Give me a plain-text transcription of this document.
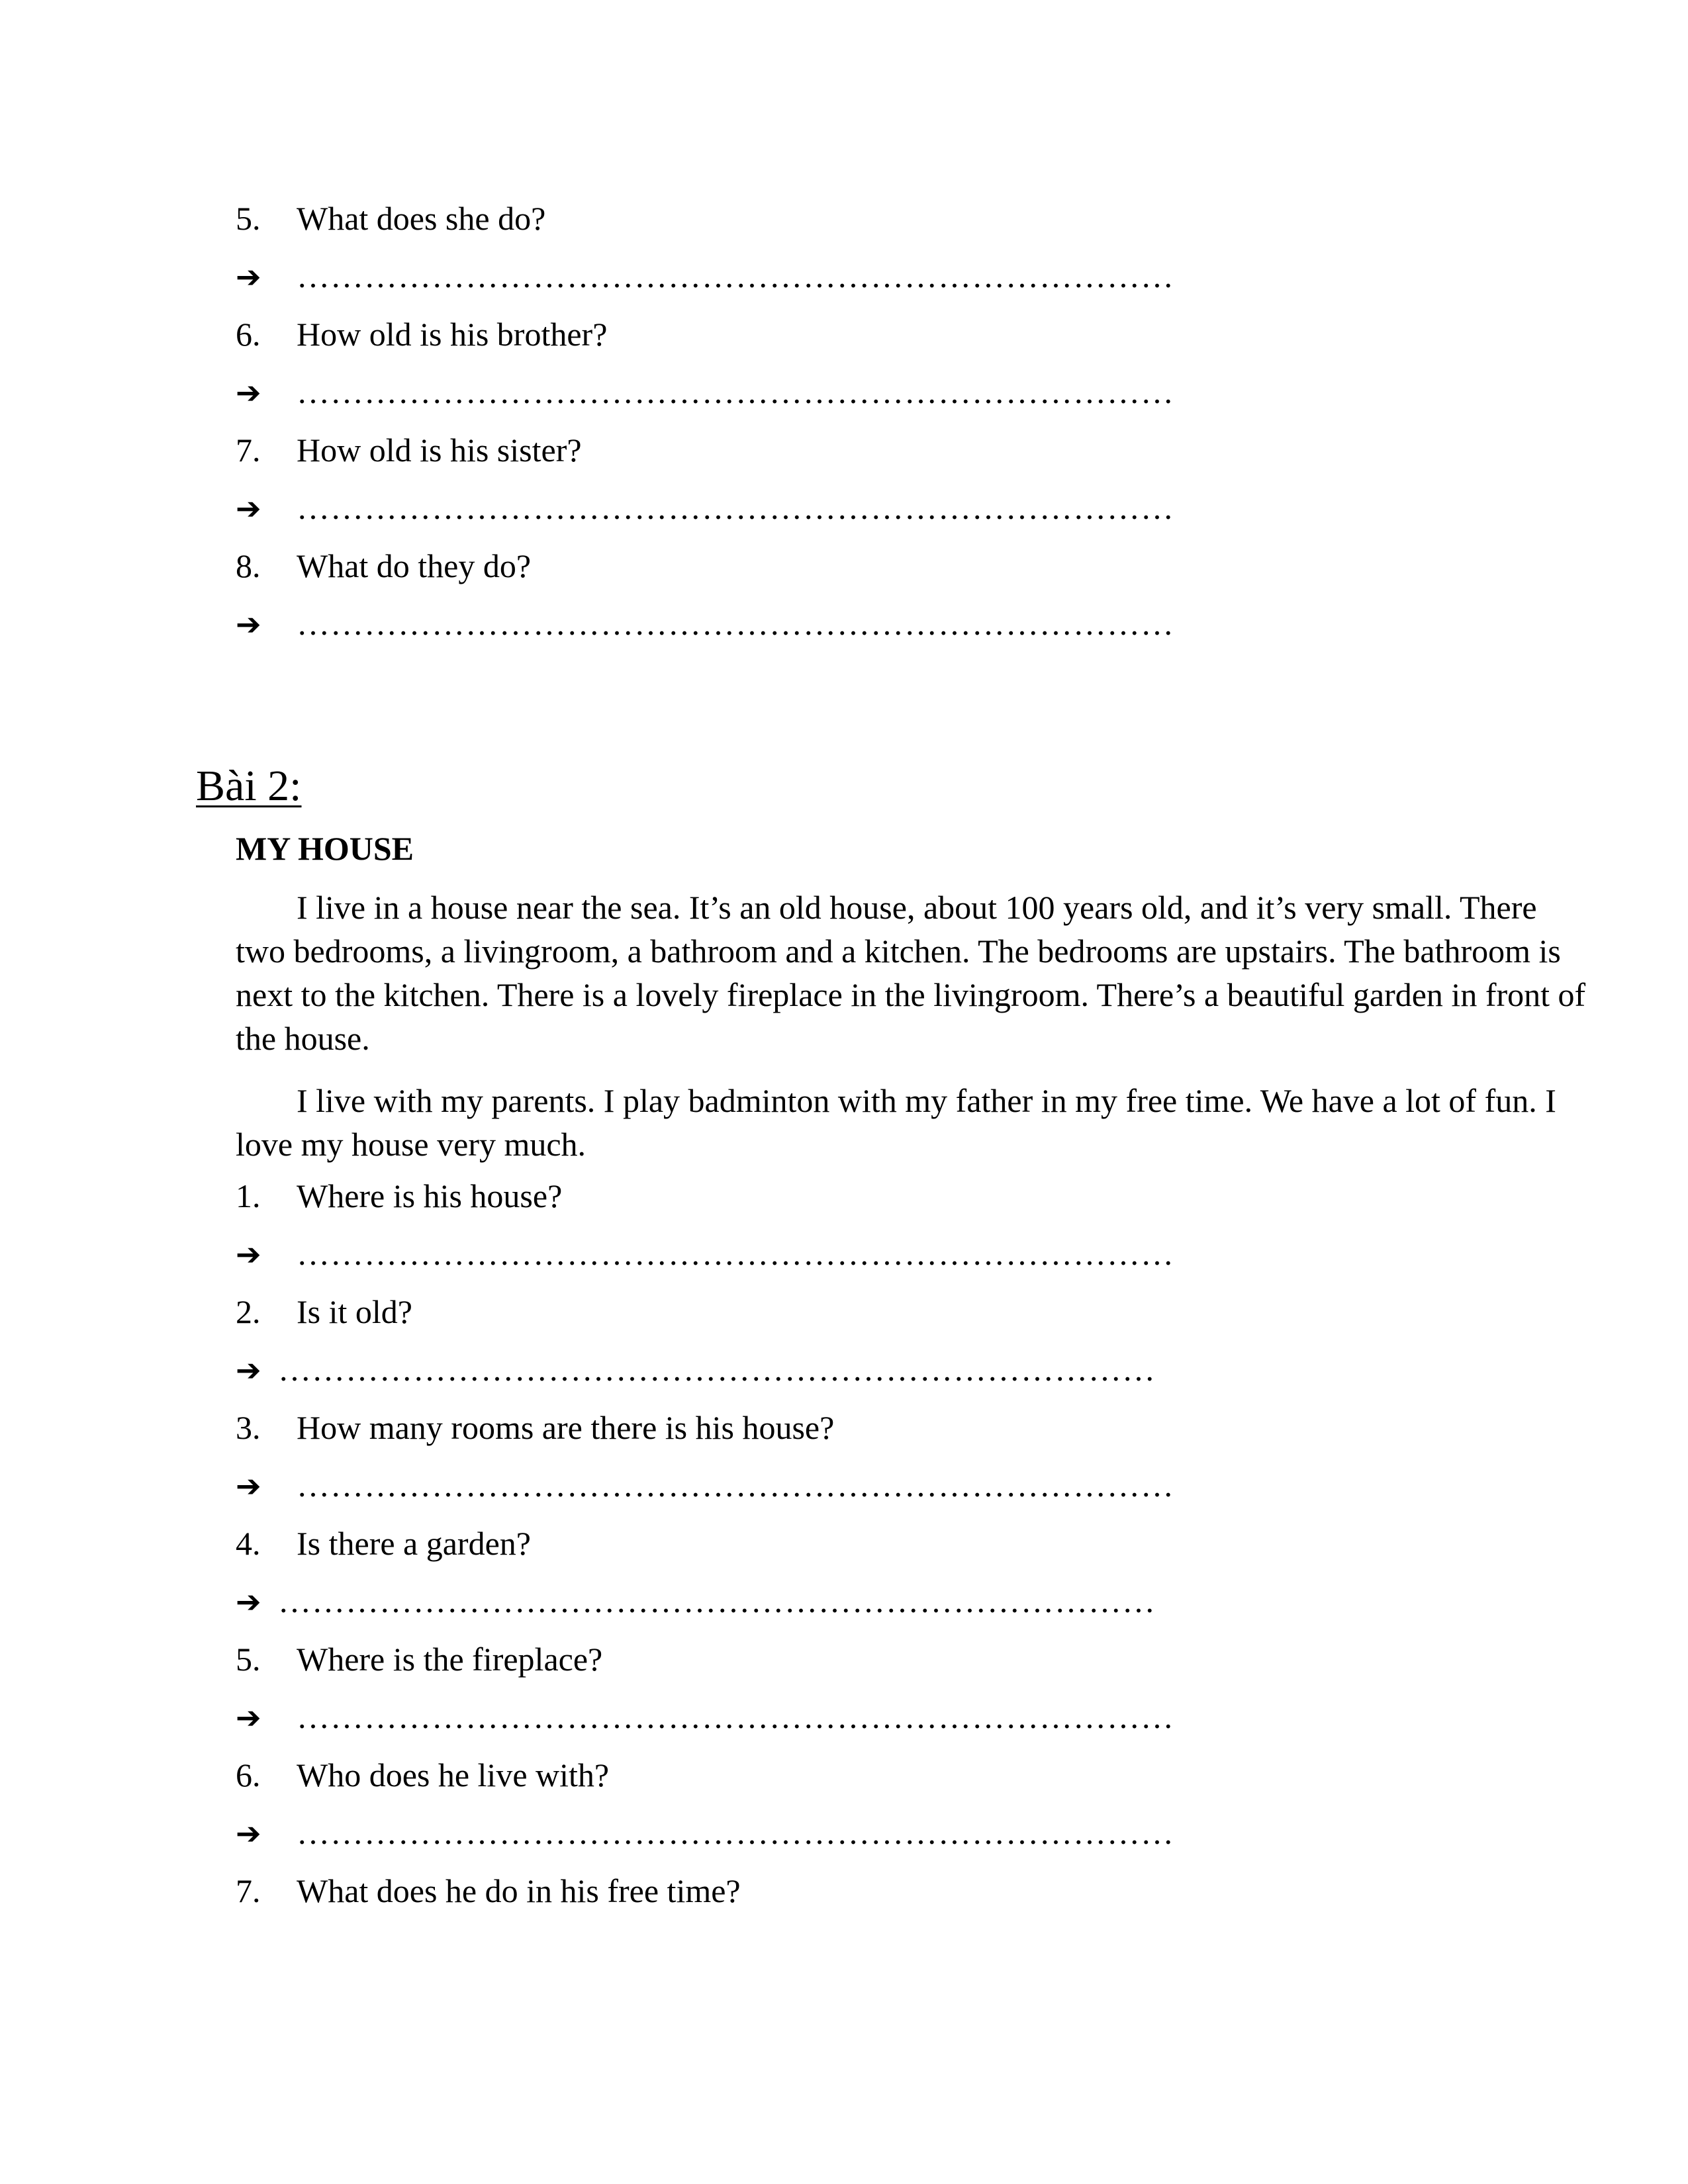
5. What does she do?
➔ ……………………………………………………………………
6. How old is his brother?
➔ ……………………………………………………………………
7. How old is his sister?
➔ ……………………………………………………………………
8. What do they do?
➔ ……………………………………………………………………
Bài 2:
MY HOUSE
I live in a house near the sea. It’s an old house, about 100 years old, and it’s very small. There two bedrooms, a livingroom, a bathroom and a kitchen. The bedrooms are upstairs. The bathroom is next to the kitchen. There is a lovely fireplace in the livingroom. There’s a beautiful garden in front of the house.
I live with my parents. I play badminton with my father in my free time. We have a lot of fun. I love my house very much.
1. Where is his house?
➔ ……………………………………………………………………
2. Is it old?
➔ ……………………………………………………………………
3. How many rooms are there is his house?
➔ ……………………………………………………………………
4. Is there a garden?
➔ ……………………………………………………………………
5. Where is the fireplace?
➔ ……………………………………………………………………
6. Who does he live with?
➔ ……………………………………………………………………
7. What does he do in his free time?
